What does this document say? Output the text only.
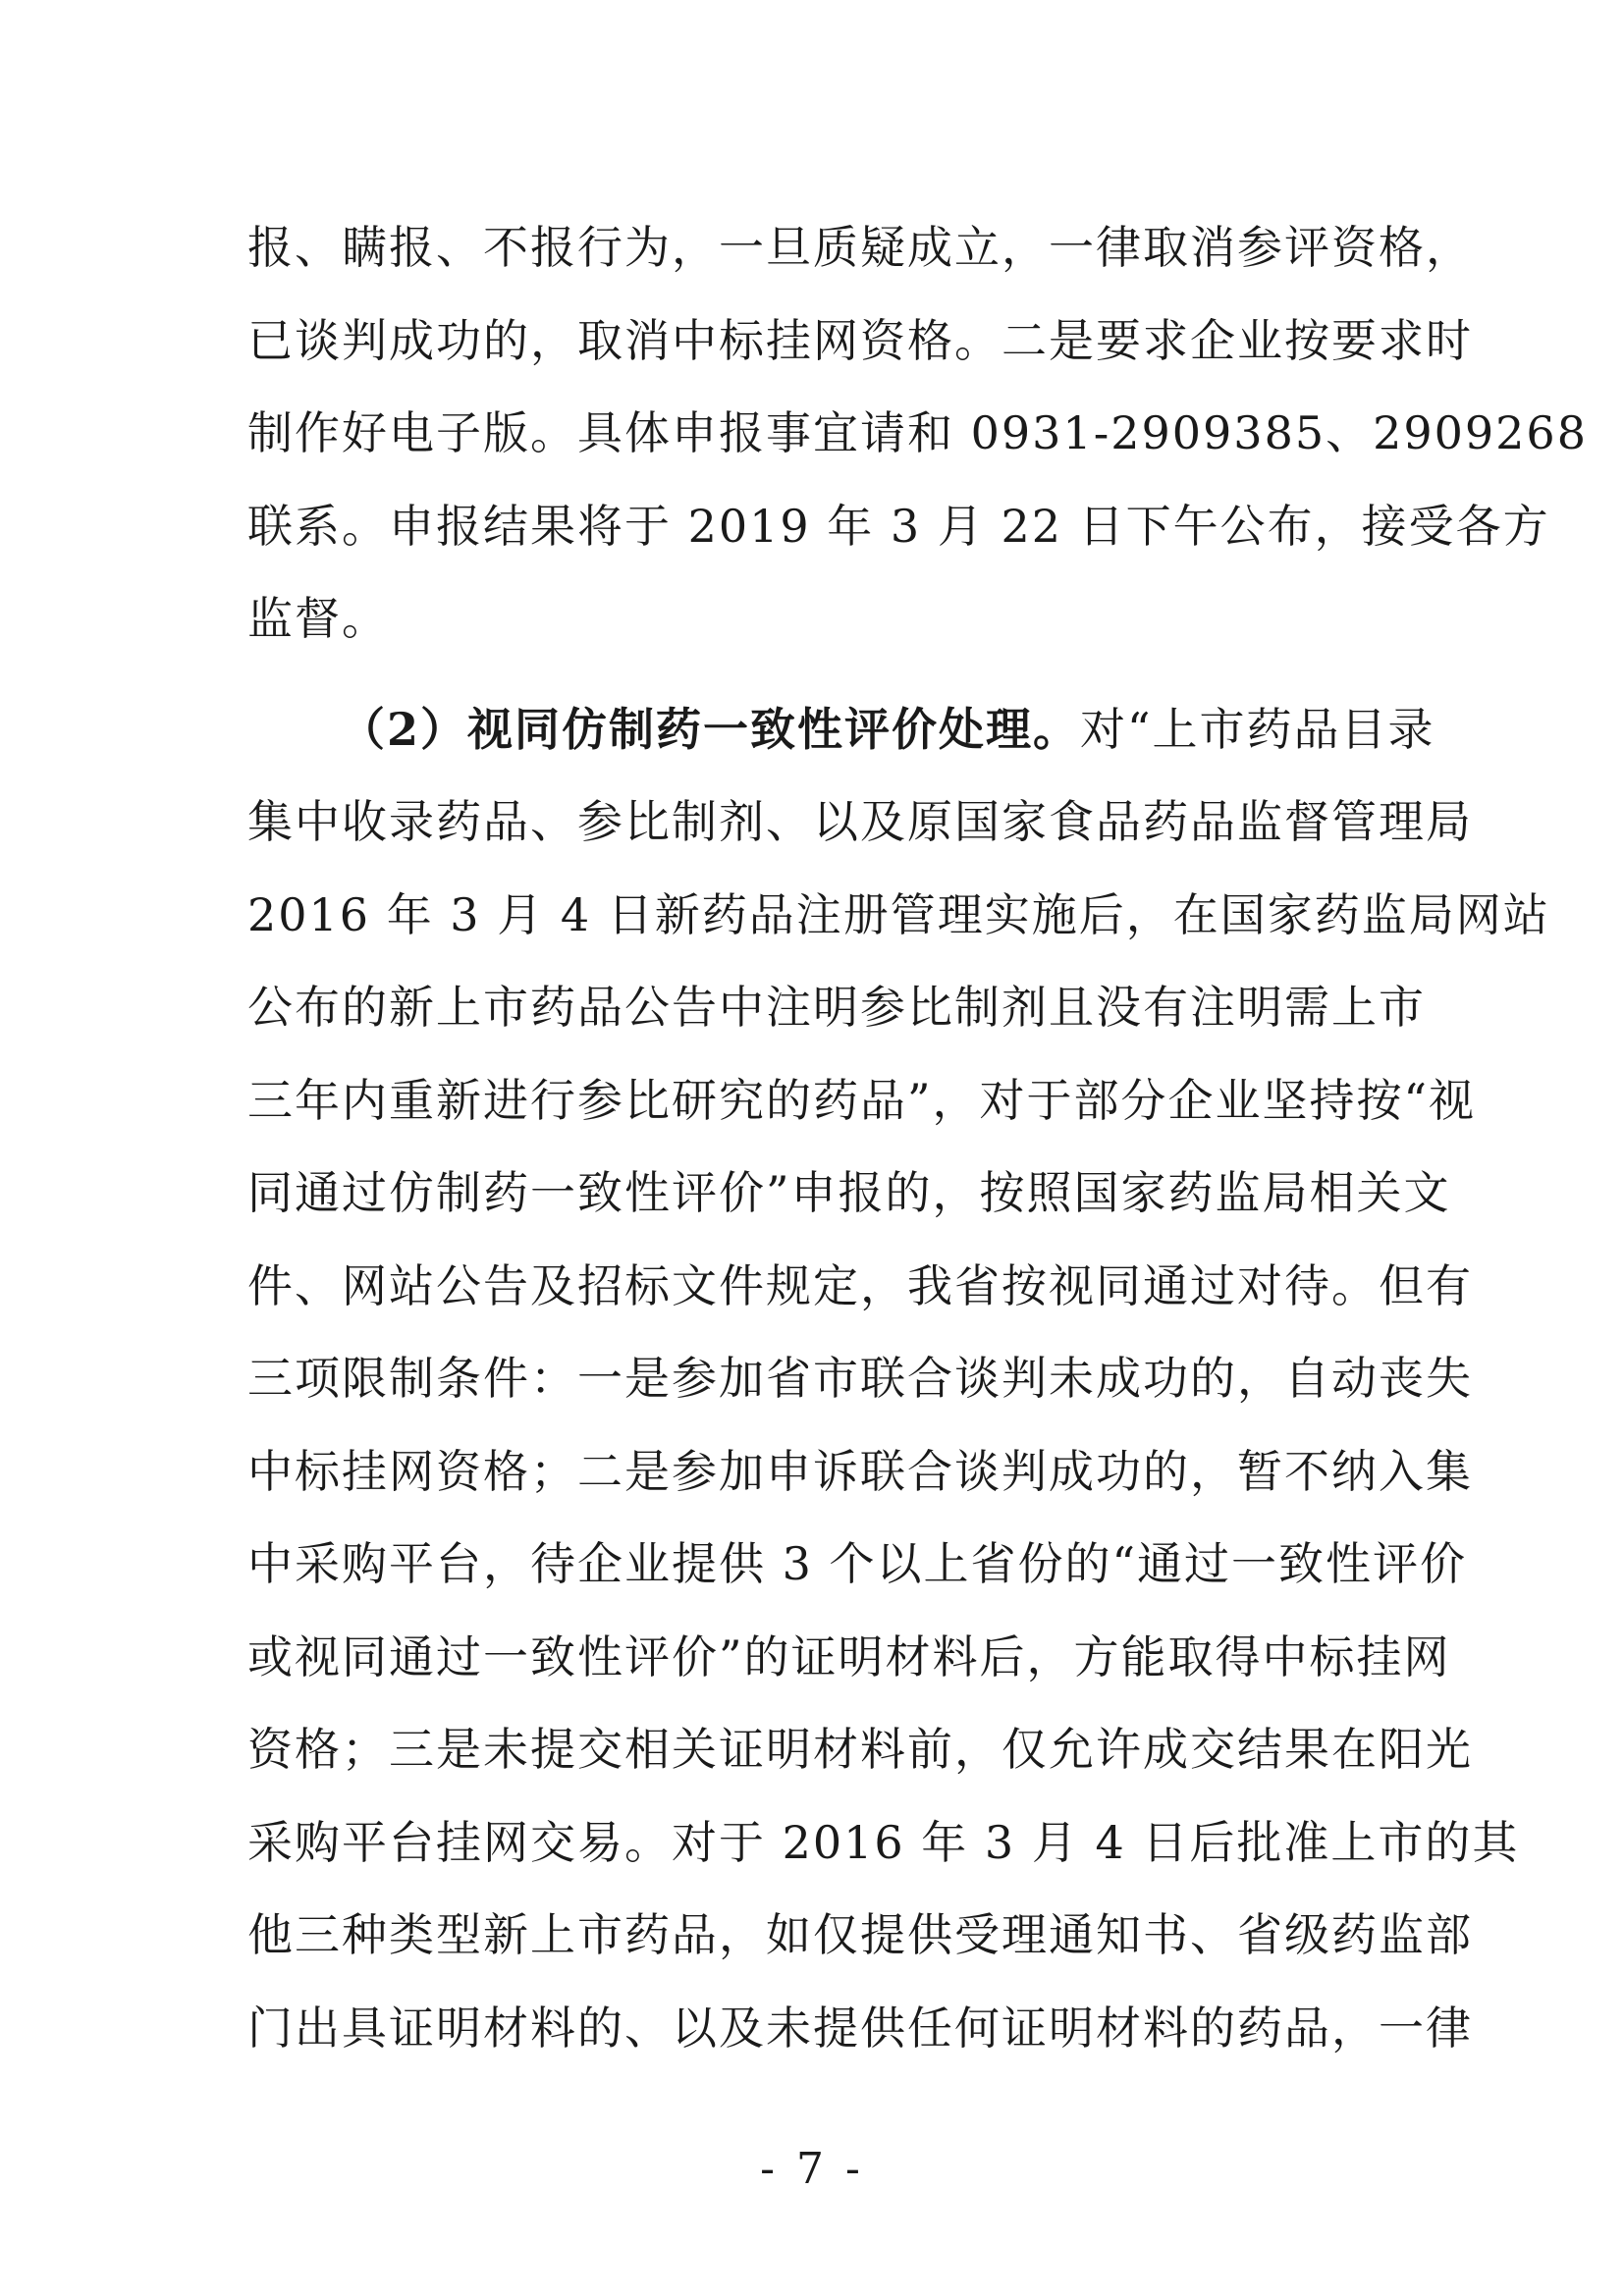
报、瞒报、不报行为，一旦质疑成立，一律取消参评资格，
已谈判成功的，取消中标挂网资格。二是要求企业按要求时
制作好电子版。具体申报事宜请和 0931-2909385、2909268
联系。申报结果将于 2019 年 3 月 22 日下午公布，接受各方
监督。
（2）视同仿制药一致性评价处理。对“上市药品目录
集中收录药品、参比制剂、以及原国家食品药品监督管理局
2016 年 3 月 4 日新药品注册管理实施后，在国家药监局网站
公布的新上市药品公告中注明参比制剂且没有注明需上市
三年内重新进行参比研究的药品”，对于部分企业坚持按“视
同通过仿制药一致性评价”申报的，按照国家药监局相关文
件、网站公告及招标文件规定，我省按视同通过对待。但有
三项限制条件：一是参加省市联合谈判未成功的，自动丧失
中标挂网资格；二是参加申诉联合谈判成功的，暂不纳入集
中采购平台，待企业提供 3 个以上省份的“通过一致性评价
或视同通过一致性评价”的证明材料后，方能取得中标挂网
资格；三是未提交相关证明材料前，仅允许成交结果在阳光
采购平台挂网交易。对于 2016 年 3 月 4 日后批准上市的其
他三种类型新上市药品，如仅提供受理通知书、省级药监部
门出具证明材料的、以及未提供任何证明材料的药品，一律
- 7 -
